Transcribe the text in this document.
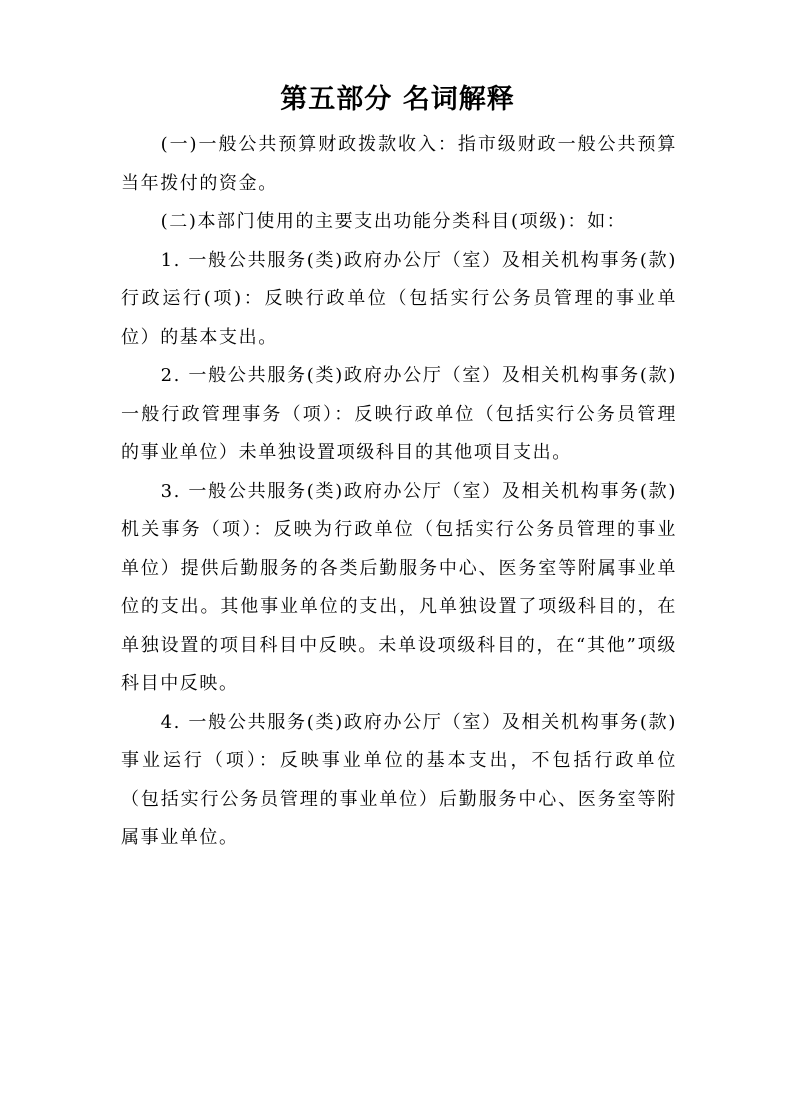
第五部分 名词解释

(一)一般公共预算财政拨款收入：指市级财政一般公共预算当年拨付的资金。

(二)本部门使用的主要支出功能分类科目(项级)：如：

1. 一般公共服务(类)政府办公厅（室）及相关机构事务(款)行政运行(项)：反映行政单位（包括实行公务员管理的事业单位）的基本支出。

2. 一般公共服务(类)政府办公厅（室）及相关机构事务(款)一般行政管理事务（项）：反映行政单位（包括实行公务员管理的事业单位）未单独设置项级科目的其他项目支出。

3. 一般公共服务(类)政府办公厅（室）及相关机构事务(款)机关事务（项）：反映为行政单位（包括实行公务员管理的事业单位）提供后勤服务的各类后勤服务中心、医务室等附属事业单位的支出。其他事业单位的支出，凡单独设置了项级科目的，在单独设置的项目科目中反映。未单设项级科目的，在“其他”项级科目中反映。

4. 一般公共服务(类)政府办公厅（室）及相关机构事务(款)事业运行（项）：反映事业单位的基本支出，不包括行政单位（包括实行公务员管理的事业单位）后勤服务中心、医务室等附属事业单位。
